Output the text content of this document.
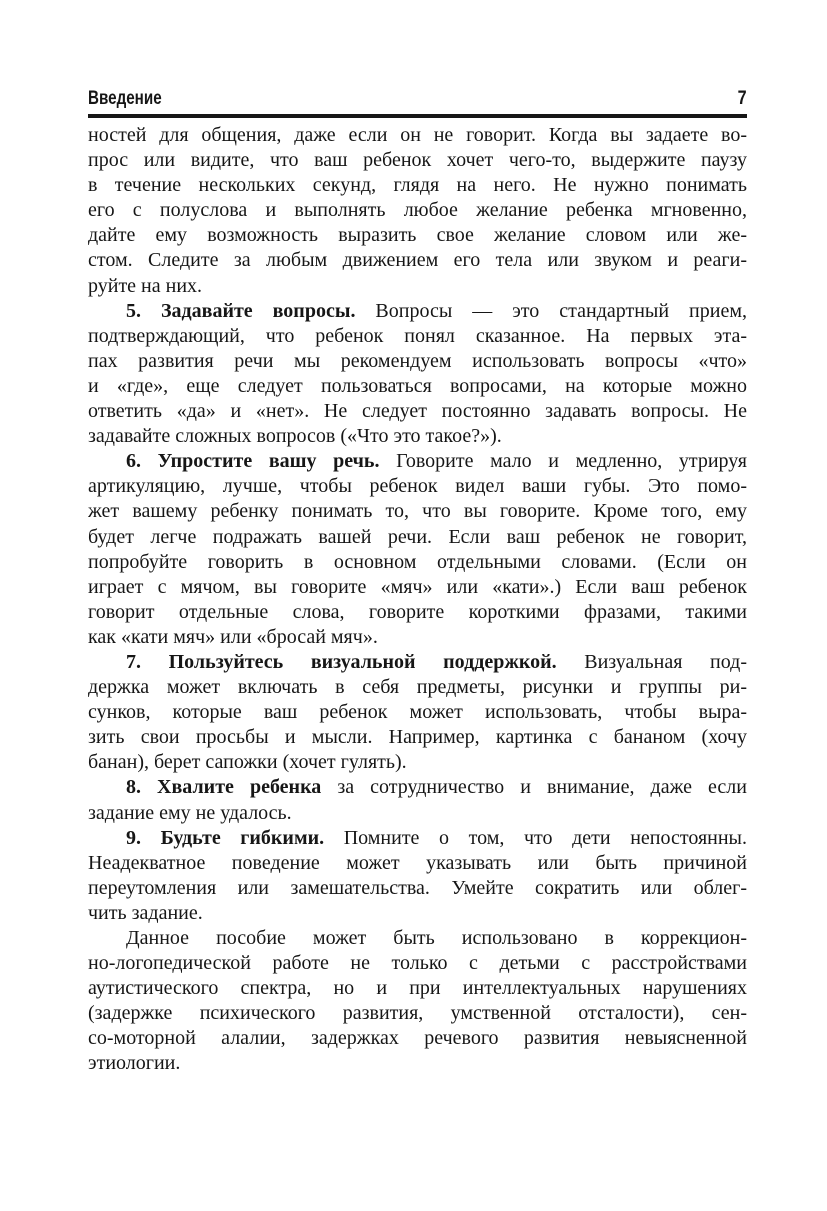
Введение	7
ностей для общения, даже если он не говорит. Когда вы задаете во-
прос или видите, что ваш ребенок хочет чего-то, выдержите паузу
в течение нескольких секунд, глядя на него. Не нужно понимать
его с полуслова и выполнять любое желание ребенка мгновенно,
дайте ему возможность выразить свое желание словом или же-
стом. Следите за любым движением его тела или звуком и реаги-
руйте на них.
5. Задавайте вопросы. Вопросы — это стандартный прием,
подтверждающий, что ребенок понял сказанное. На первых эта-
пах развития речи мы рекомендуем использовать вопросы «что»
и «где», еще следует пользоваться вопросами, на которые можно
ответить «да» и «нет». Не следует постоянно задавать вопросы. Не
задавайте сложных вопросов («Что это такое?»).
6. Упростите вашу речь. Говорите мало и медленно, утрируя
артикуляцию, лучше, чтобы ребенок видел ваши губы. Это помо-
жет вашему ребенку понимать то, что вы говорите. Кроме того, ему
будет легче подражать вашей речи. Если ваш ребенок не говорит,
попробуйте говорить в основном отдельными словами. (Если он
играет с мячом, вы говорите «мяч» или «кати».) Если ваш ребенок
говорит отдельные слова, говорите короткими фразами, такими
как «кати мяч» или «бросай мяч».
7. Пользуйтесь визуальной поддержкой. Визуальная под-
держка может включать в себя предметы, рисунки и группы ри-
сунков, которые ваш ребенок может использовать, чтобы выра-
зить свои просьбы и мысли. Например, картинка с бананом (хочу
банан), берет сапожки (хочет гулять).
8. Хвалите ребенка за сотрудничество и внимание, даже если
задание ему не удалось.
9. Будьте гибкими. Помните о том, что дети непостоянны.
Неадекватное поведение может указывать или быть причиной
переутомления или замешательства. Умейте сократить или облег-
чить задание.
Данное пособие может быть использовано в коррекцион-
но-логопедической работе не только с детьми с расстройствами
аутистического спектра, но и при интеллектуальных нарушениях
(задержке психического развития, умственной отсталости), сен-
со-моторной алалии, задержках речевого развития невыясненной
этиологии.
